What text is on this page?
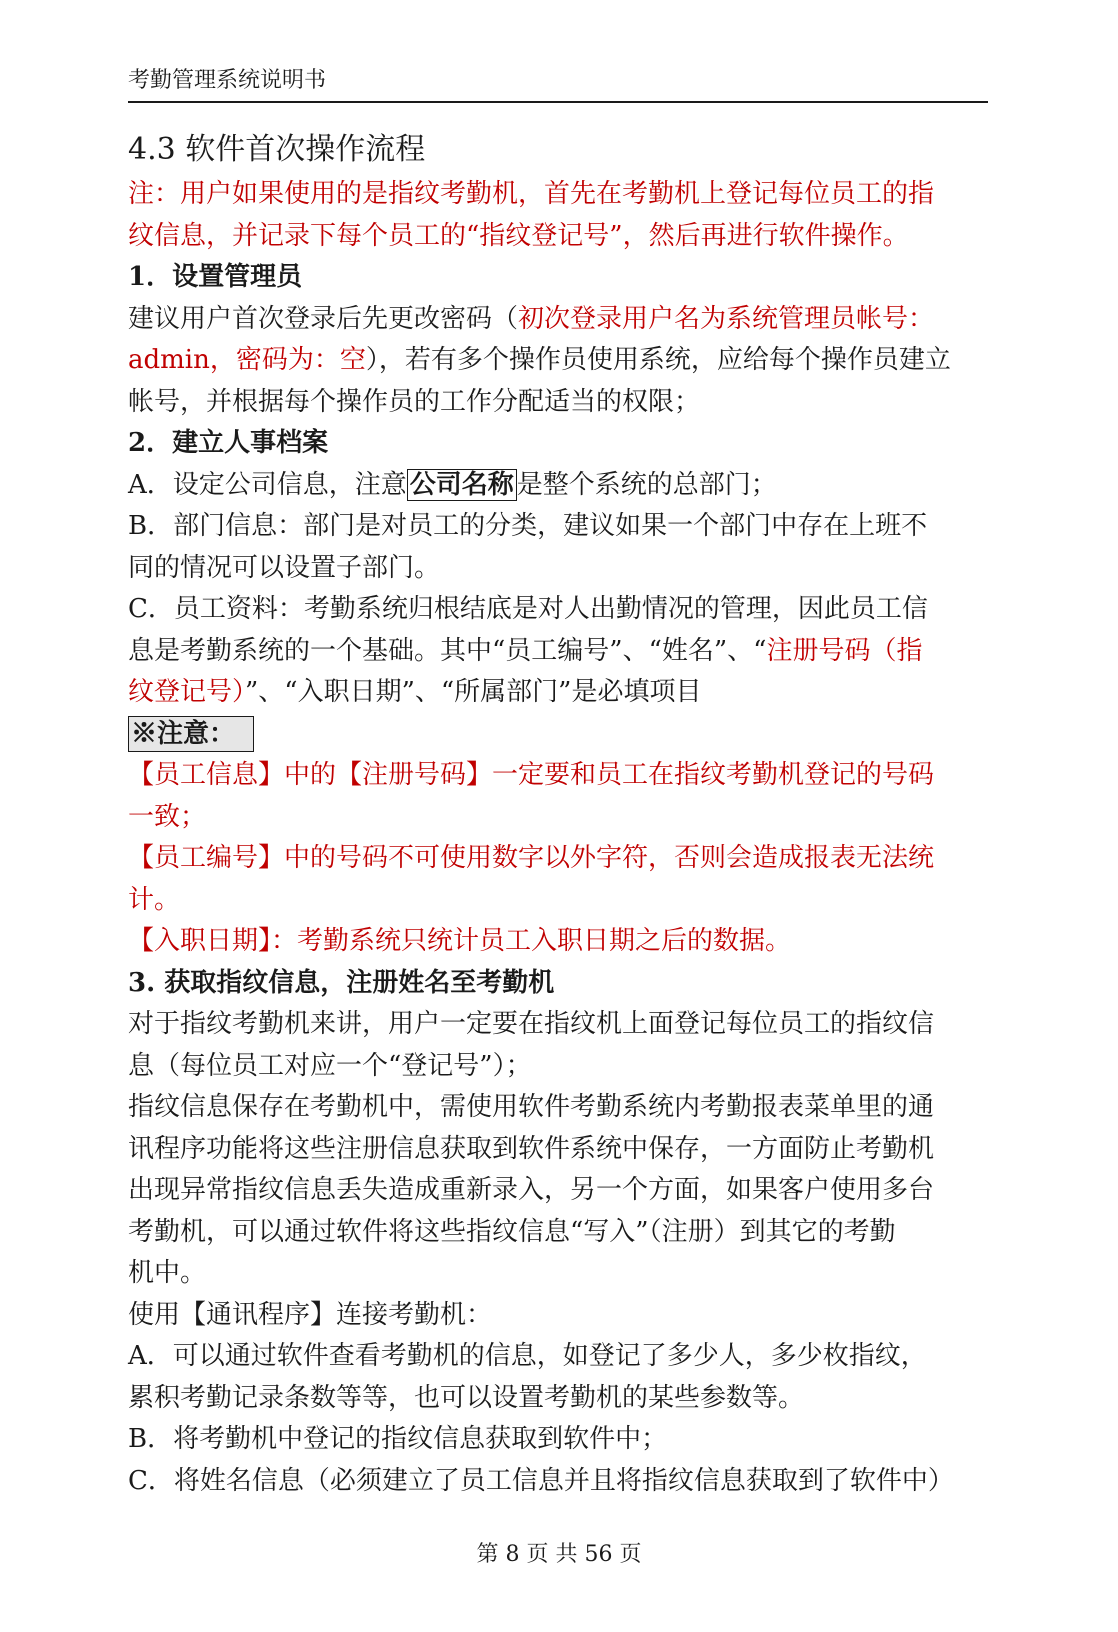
考勤管理系统说明书
4.3 软件首次操作流程
注：用户如果使用的是指纹考勤机，首先在考勤机上登记每位员工的指
纹信息，并记录下每个员工的“指纹登记号”，然后再进行软件操作。
1．设置管理员
建议用户首次登录后先更改密码（初次登录用户名为系统管理员帐号：
admin，密码为：空），若有多个操作员使用系统，应给每个操作员建立
帐号，并根据每个操作员的工作分配适当的权限；
2．建立人事档案
A．设定公司信息，注意 公司名称 是整个系统的总部门；
B．部门信息：部门是对员工的分类，建议如果一个部门中存在上班不
同的情况可以设置子部门。
C．员工资料：考勤系统归根结底是对人出勤情况的管理，因此员工信
息是考勤系统的一个基础。其中“员工编号”、“姓名”、“注册号码（指
纹登记号）”、“入职日期”、“所属部门”是必填项目
※注意：
【员工信息】中的【注册号码】一定要和员工在指纹考勤机登记的号码
一致；
【员工编号】中的号码不可使用数字以外字符，否则会造成报表无法统
计。
【入职日期】：考勤系统只统计员工入职日期之后的数据。
3. 获取指纹信息，注册姓名至考勤机
对于指纹考勤机来讲，用户一定要在指纹机上面登记每位员工的指纹信
息（每位员工对应一个“登记号”）；
指纹信息保存在考勤机中，需使用软件考勤系统内考勤报表菜单里的通
讯程序功能将这些注册信息获取到软件系统中保存，一方面防止考勤机
出现异常指纹信息丢失造成重新录入，另一个方面，如果客户使用多台
考勤机，可以通过软件将这些指纹信息“写入”（注册）到其它的考勤
机中。
使用【通讯程序】连接考勤机：
A．可以通过软件查看考勤机的信息，如登记了多少人，多少枚指纹，
累积考勤记录条数等等，也可以设置考勤机的某些参数等。
B．将考勤机中登记的指纹信息获取到软件中；
C．将姓名信息（必须建立了员工信息并且将指纹信息获取到了软件中）
第 8 页 共 56 页
